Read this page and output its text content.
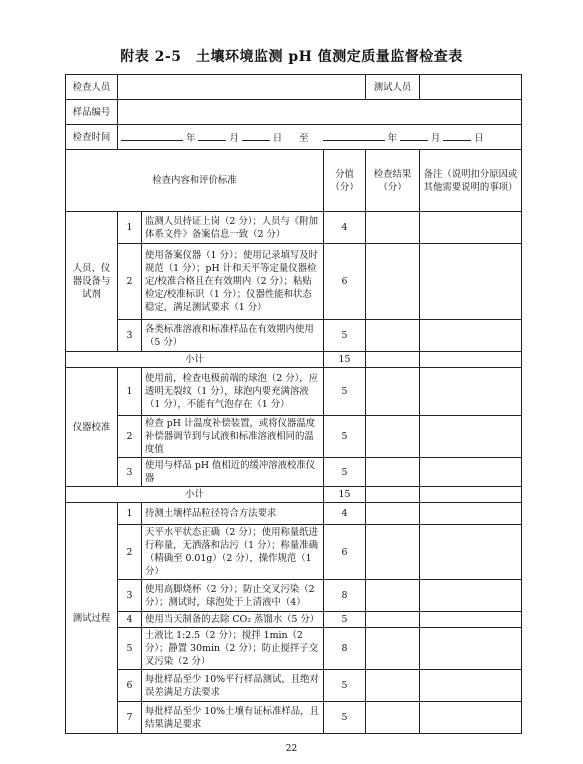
附表 2-5　土壤环境监测 pH 值测定质量监督检查表
检查人员				测试人员	
样品编号					
检查时间	年 月 日 至 年 月 日				
检查内容和评价标准			分值（分）	检查结果（分）	备注（说明扣分原因或其他需要说明的事项）
人员、仪器设备与试剂	1	监测人员持证上岗（2 分）；人员与《附加体系文件》备案信息一致（2 分）	4		
	2	使用备案仪器（1 分）；使用记录填写及时规范（1 分）；pH 计和天平等定量仪器检定/校准合格且在有效期内（2 分）；粘贴检定/校准标识（1 分）；仪器性能和状态稳定，满足测试要求（1 分）	6		
	3	各类标准溶液和标准样品在有效期内使用（5 分）	5		
小计			15		
仪器校准	1	使用前，检查电极前端的球泡（2 分），应透明无裂纹（1 分），球泡内要充满溶液（1 分），不能有气泡存在（1 分）	5		
	2	检查 pH 计温度补偿装置，或将仪器温度补偿器调节到与试液和标准溶液相同的温度值	5		
	3	使用与样品 pH 值相近的缓冲溶液校准仪器	5		
小计			15		
测试过程	1	待测土壤样品粒径符合方法要求	4		
	2	天平水平状态正确（2 分）；使用称量纸进行称量，无洒落和沾污（1 分）；称量准确（精确至 0.01g）（2 分），操作规范（1 分）	6		
	3	使用高脚烧杯（2 分）；防止交叉污染（2 分）；测试时，球泡处于上清液中（4）	8		
	4	使用当天制备的去除 CO₂ 蒸馏水（5 分）	5		
	5	土液比 1:2.5（2 分）；搅拌 1min（2 分）；静置 30min（2 分）；防止搅拌子交叉污染（2 分）	8		
	6	每批样品至少 10%平行样品测试，且绝对误差满足方法要求	5		
	7	每批样品至少 10%土壤有证标准样品，且结果满足要求	5		
22
